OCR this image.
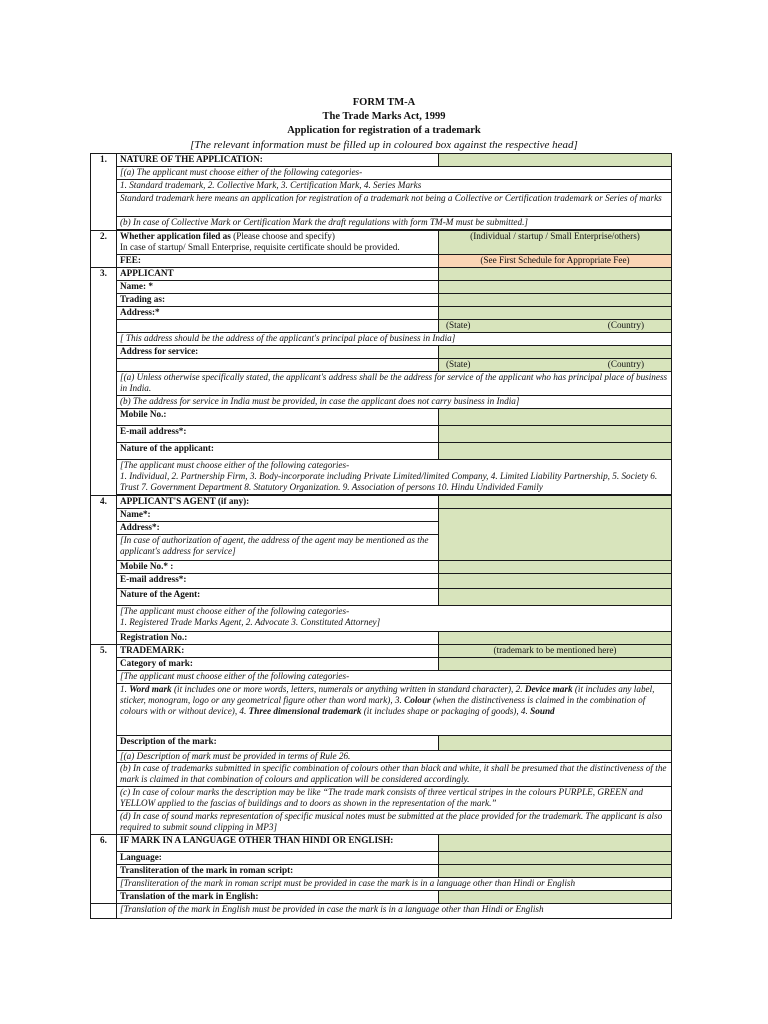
FORM TM-A
The Trade Marks Act, 1999
Application for registration of a trademark
[The relevant information must be filled up in coloured box against the respective head]
1.	NATURE OF THE APPLICATION:	
	[(a) The applicant must choose either of the following categories-	
	1. Standard trademark, 2. Collective Mark, 3. Certification Mark, 4. Series Marks	
	Standard trademark here means an application for registration of a trademark not being a Collective or Certification trademark or Series of marks	
	(b) In case of Collective Mark or Certification Mark the draft regulations with form TM-M must be submitted.]	

2.	Whether application filed as (Please choose and specify)
In case of startup/ Small Enterprise, requisite certificate should be provided.	(Individual / startup / Small Enterprise/others)
	FEE:	(See First Schedule for Appropriate Fee)
3.	APPLICANT	
	Name: *	
	Trading as:	
	Address:*	

		(State) (Country)

	[ This address should be the address of the applicant's principal place of business in India]	
	Address for service:	

		(State) (Country)

	[(a) Unless otherwise specifically stated, the applicant's address shall be the address for service of the applicant who has principal place of business in India.	
	(b) The address for service in India must be provided, in case the applicant does not carry business in India]	
	Mobile No.:	
	E-mail address*:	
	Nature of the applicant:	
	[The applicant must choose either of the following categories-
1. Individual, 2. Partnership Firm, 3. Body-incorporate including Private Limited/limited Company, 4. Limited Liability Partnership, 5. Society 6. Trust 7. Government Department 8. Statutory Organization. 9. Association of persons 10. Hindu Undivided Family	

4.	APPLICANT'S AGENT (if any):	
	Name*:	
	Address*:	
	[In case of authorization of agent, the address of the agent may be mentioned as the applicant's address for service]	
	Mobile No.* :	
	E-mail address*:	
	Nature of the Agent:	
	[The applicant must choose either of the following categories-
1. Registered Trade Marks Agent, 2. Advocate 3. Constituted Attorney]	
	Registration No.:	
5.	TRADEMARK:	(trademark to be mentioned here)
	Category of mark:	
	[The applicant must choose either of the following categories-	
	1. Word mark (it includes one or more words, letters, numerals or anything written in standard character), 2. Device mark (it includes any label, sticker, monogram, logo or any geometrical figure other than word mark), 3. Colour (when the distinctiveness is claimed in the combination of colours with or without device), 4. Three dimensional trademark (it includes shape or packaging of goods), 4. Sound	
	Description of the mark:	
	[(a) Description of mark must be provided in terms of Rule 26.	
	(b) In case of trademarks submitted in specific combination of colours other than black and white, it shall be presumed that the distinctiveness of the mark is claimed in that combination of colours and application will be considered accordingly.	
	(c) In case of colour marks the description may be like “The trade mark consists of three vertical stripes in the colours PURPLE, GREEN and YELLOW applied to the fascias of buildings and to doors as shown in the representation of the mark.”	
	(d) In case of sound marks representation of specific musical notes must be submitted at the place provided for the trademark. The applicant is also required to submit sound clipping in MP3]	
6.	IF MARK IN A LANGUAGE OTHER THAN HINDI OR ENGLISH:	
	Language:	
	Transliteration of the mark in roman script:	
	[Transliteration of the mark in roman script must be provided in case the mark is in a language other than Hindi or English	
	Translation of the mark in English:	
	[Translation of the mark in English must be provided in case the mark is in a language other than Hindi or English	
